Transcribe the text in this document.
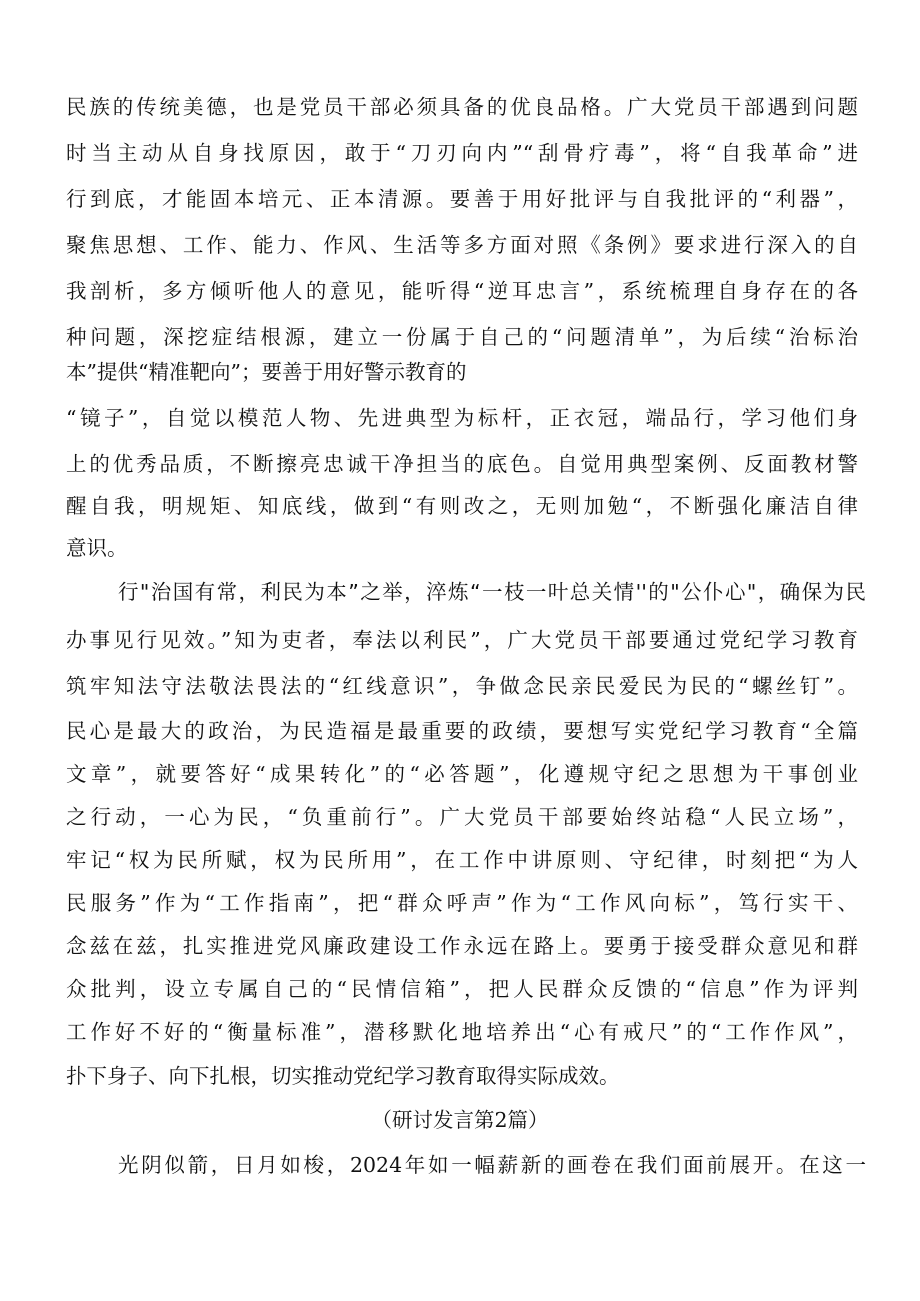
民族的传统美德，也是党员干部必须具备的优良品格。广大党员干部遇到问题
时当主动从自身找原因，敢于“刀刃向内”“刮骨疗毒”，将“自我革命”进
行到底，才能固本培元、正本清源。要善于用好批评与自我批评的“利器”，
聚焦思想、工作、能力、作风、生活等多方面对照《条例》要求进行深入的自
我剖析，多方倾听他人的意见，能听得“逆耳忠言”，系统梳理自身存在的各
种问题，深挖症结根源，建立一份属于自己的“问题清单”，为后续“治标治
本”提供“精准靶向”；要善于用好警示教育的
“镜子”，自觉以模范人物、先进典型为标杆，正衣冠，端品行，学习他们身
上的优秀品质，不断擦亮忠诚干净担当的底色。自觉用典型案例、反面教材警
醒自我，明规矩、知底线，做到“有则改之，无则加勉“，不断强化廉洁自律
意识。
行"治国有常，利民为本”之举，淬炼“一枝一叶总关情''的"公仆心"，确保为民
办事见行见效。”知为吏者，奉法以利民”，广大党员干部要通过党纪学习教育
筑牢知法守法敬法畏法的“红线意识”，争做念民亲民爱民为民的“螺丝钉”。
民心是最大的政治，为民造福是最重要的政绩，要想写实党纪学习教育“全篇
文章”，就要答好“成果转化”的“必答题”，化遵规守纪之思想为干事创业
之行动，一心为民，“负重前行”。广大党员干部要始终站稳“人民立场”，
牢记“权为民所赋，权为民所用”，在工作中讲原则、守纪律，时刻把“为人
民服务”作为“工作指南”，把“群众呼声”作为“工作风向标”，笃行实干、
念兹在兹，扎实推进党风廉政建设工作永远在路上。要勇于接受群众意见和群
众批判，设立专属自己的“民情信箱”，把人民群众反馈的“信息”作为评判
工作好不好的“衡量标准”，潜移默化地培养出“心有戒尺”的“工作作风”，
扑下身子、向下扎根，切实推动党纪学习教育取得实际成效。
（研讨发言第2篇）
光阴似箭，日月如梭，2024年如一幅薪新的画卷在我们面前展开。在这一
